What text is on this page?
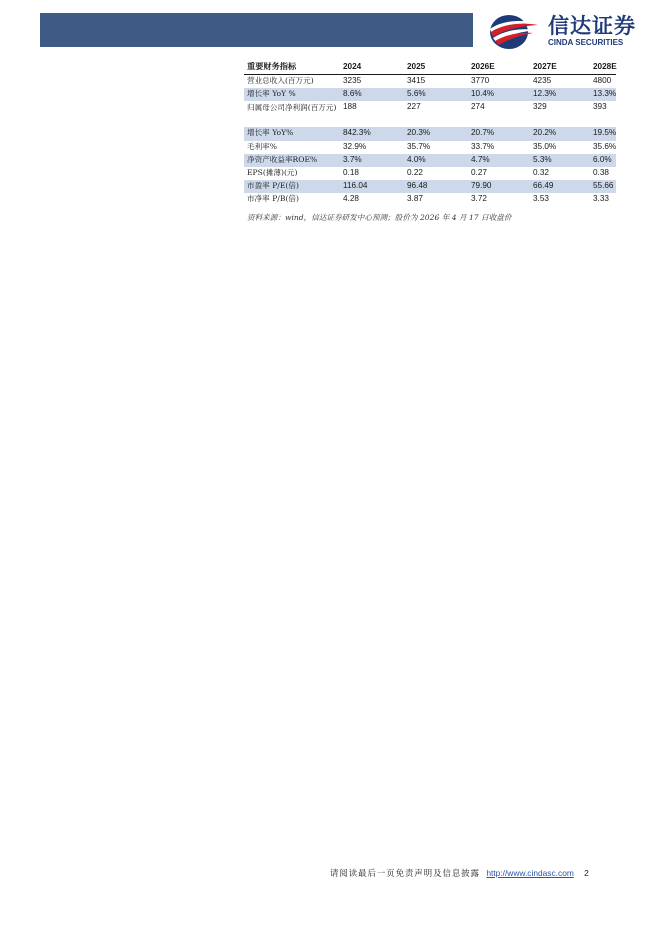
信达证券
CINDA SECURITIES
重要财务指标	2024	2025	2026E	2027E	2028E
营业总收入(百万元)	3235	3415	3770	4235	4800
增长率 YoY %	8.6%	5.6%	10.4%	12.3%	13.3%
归属母公司净利润(百万元)	188	227	274	329	393
增长率 YoY%	842.3%	20.3%	20.7%	20.2%	19.5%
毛利率%	32.9%	35.7%	33.7%	35.0%	35.6%
净资产收益率ROE%	3.7%	4.0%	4.7%	5.3%	6.0%
EPS(摊薄)(元)	0.18	0.22	0.27	0.32	0.38
市盈率 P/E(倍)	116.04	96.48	79.90	66.49	55.66
市净率 P/B(倍)	4.28	3.87	3.72	3.53	3.33
资料来源：wind，信达证券研发中心预测；股价为 2026 年 4 月 17 日收盘价
请阅读最后一页免责声明及信息披露 http://www.cindasc.com 2
